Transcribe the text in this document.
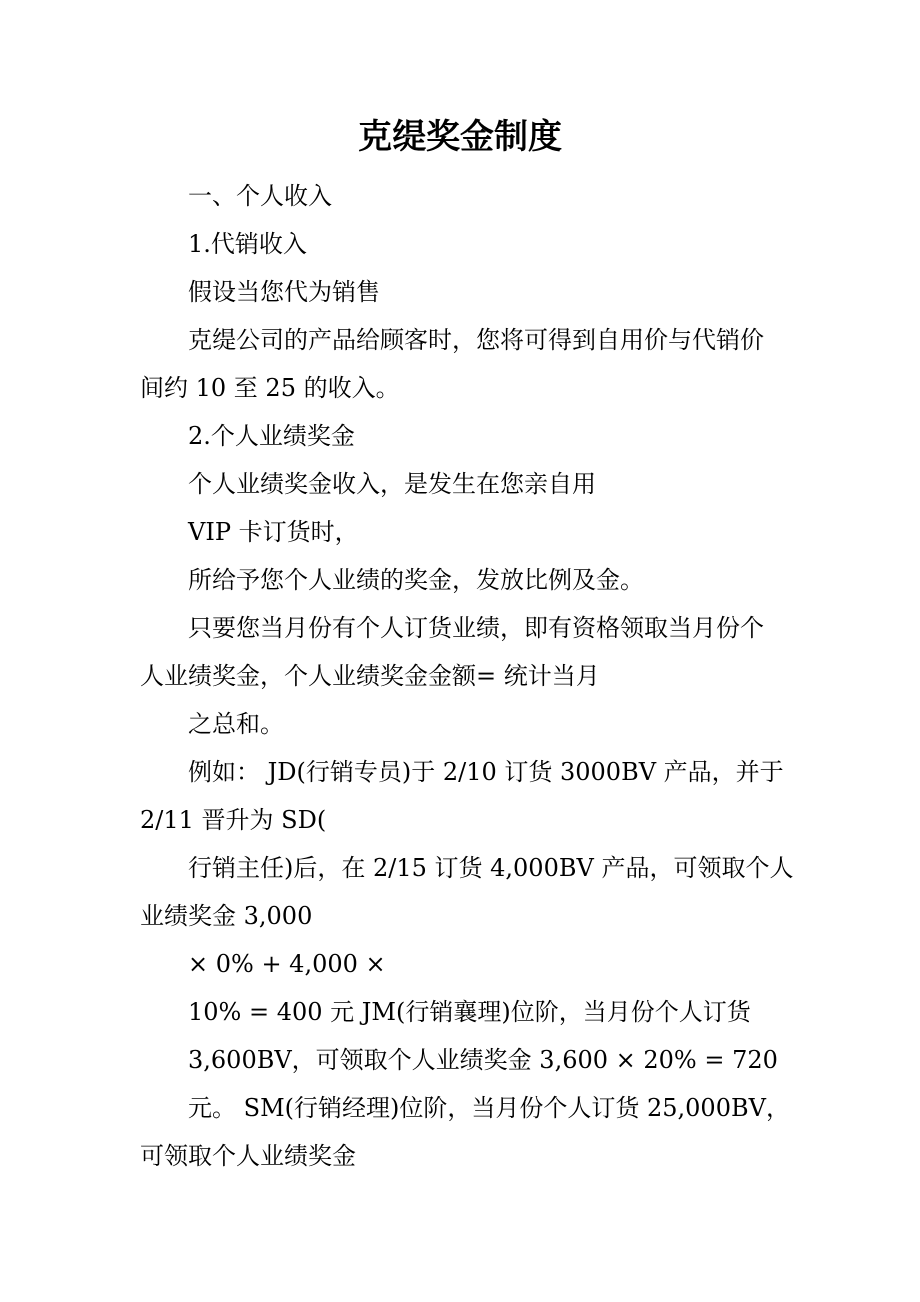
克缇奖金制度
一、个人收入
1.代销收入
假设当您代为销售
克缇公司的产品给顾客时，您将可得到自用价与代销价
间约 10 至 25 的收入。
2.个人业绩奖金
个人业绩奖金收入，是发生在您亲自用
VIP 卡订货时，
所给予您个人业绩的奖金，发放比例及金。
只要您当月份有个人订货业绩，即有资格领取当月份个
人业绩奖金，个人业绩奖金金额= 统计当月
之总和。
例如： JD(行销专员)于 2/10 订货 3000BV 产品，并于
2/11 晋升为 SD(
行销主任)后，在 2/15 订货 4,000BV 产品，可领取个人
业绩奖金 3,000
× 0% + 4,000 ×
10% = 400 元 JM(行销襄理)位阶，当月份个人订货
3,600BV，可领取个人业绩奖金 3,600 × 20% = 720
元。 SM(行销经理)位阶，当月份个人订货 25,000BV，
可领取个人业绩奖金
